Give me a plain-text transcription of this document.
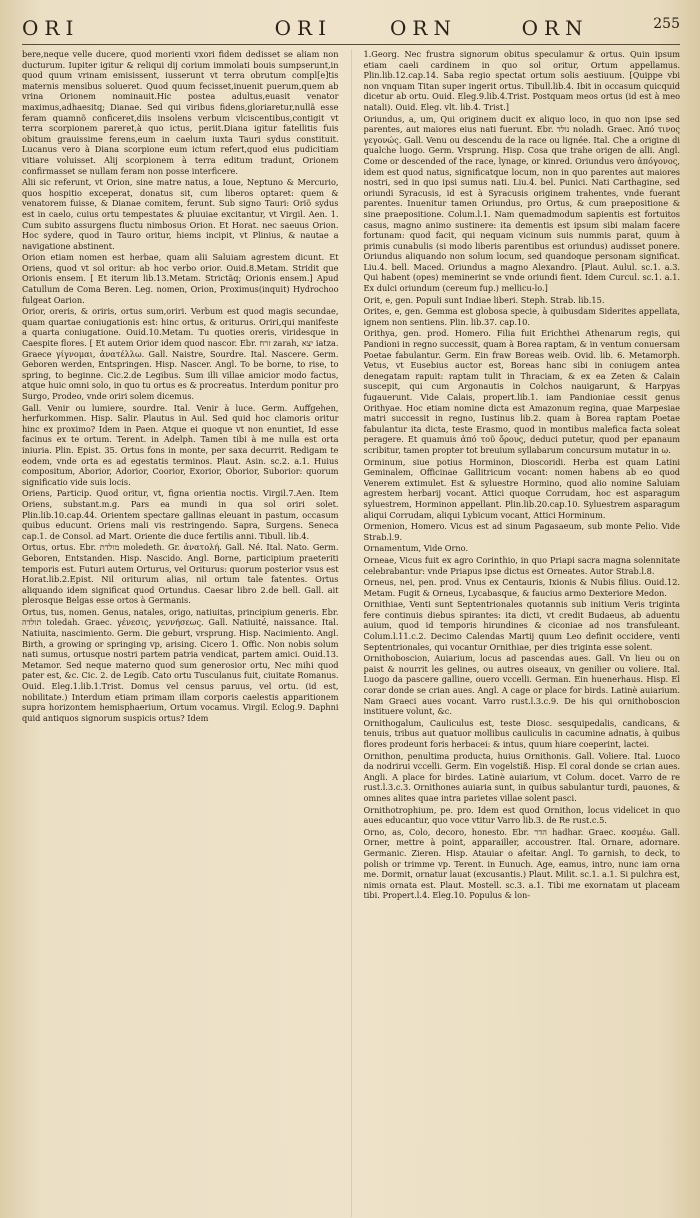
ORI	ORI	ORN	ORN	255

bere,neque velle ducere, quod morienti vxori fidem dedisset se aliam non ducturum. Iupiter igitur & reliqui dij corium immolati bouis sumpserunt,in quod quum vrinam emisissent, iusserunt vt terra obrutum compl[e]tis maternis mensibus solueret. Quod quum fecisset,inuenit puerum,quem ab vrina Orionem nominauit.Hic postea adultus,euasit venator maximus,adhaesitq; Dianae. Sed qui viribus fidens,gloriaretur,nullã esse feram quamnõ conficeret,diis insolens verbum vlciscentibus,contigit vt terra scorpionem pareret,à quo ictus, periit.Diana igitur fatellitis fuis obitum grauissime ferens,eum in caelum iuxta Tauri sydus constituit. Lucanus vero à Diana scorpione eum ictum refert,quod eius pudicitiam vitiare voluisset. Alij scorpionem à terra editum tradunt, Orionem confirmasset se nullam feram non posse interficere.

Alii sic referunt, vt Orion, sine matre natus, a Ioue, Neptuno & Mercurio, quos hospitio exceperat, donatus sit, cum liberos optaret: quem & venatorem fuisse, & Dianae comitem, ferunt. Sub signo Tauri: Oriõ sydus est in caelo, cuius ortu tempestates & pluuiae excitantur, vt Virgil. Aen. 1. Cum subito assurgens fluctu nimbosus Orion. Et Horat. nec saeuus Orion. Hoc sydere, quod in Tauro oritur, hiems incipit, vt Plinius, & nautae a navigatione abstinent.

Orion etiam nomen est herbae, quam alii Saluiam agrestem dicunt. Et Oriens, quod vt sol oritur: ab hoc verbo orior. Ouid.8.Metam. Stridit que Orionis ensem. [ Et iterum lib.13.Metam. Strictãq; Orionis ensem.] Apud Catullum de Coma Beren. Leg. nomen, Orion, Proximus(inquit) Hydrochoo fulgeat Oarion.

Orior, oreris, & oriris, ortus sum,oriri. Verbum est quod magis secundae, quam quartae coniugationis est: hinc ortus, & oriturus. Oriri,qui manifeste a quarta coniugatione. Ouid.10.Metam. Tu quoties oreris, viridesque in Caespite flores. [ Et autem Orior idem quod nascor. Ebr. זרח zarah, יצא iatza. Graece γίγνομαι, ἀνατέλλω. Gall. Naistre, Sourdre. Ital. Nascere. Germ. Geboren werden, Entspringen. Hisp. Nascer. Angl. To be borne, to rise, to spring, to beginne. Cic.2.de Legibus. Sum illi villae amicior modo factus, atque huic omni solo, in quo tu ortus es & procreatus. Interdum ponitur pro Surgo, Prodeo, vnde oriri solem dicemus.

Gall. Venir ou lumiere, sourdre. Ital. Venir à luce. Germ. Auffgehen, herfurkommen. Hisp. Salir. Plautus in Aul. Sed quid hoc clamoris oritur hinc ex proximo? Idem in Paen. Atque ei quoque vt non enuntiet, Id esse facinus ex te ortum. Terent. in Adelph. Tamen tibi à me nulla est orta iniuria. Plin. Epist. 35. Ortus fons in monte, per saxa decurrit. Redigam te eodem, vnde orta es ad egestatis terminos. Plaut. Asin. sc.2. a.1. Huius compositum, Aborior, Adorior, Coorior, Exorior, Oborior, Suborior: quorum significatio vide suis locis.

Oriens, Particip. Quod oritur, vt, figna orientia noctis. Virgil.7.Aen. Item Oriens, substant.m.g. Pars ea mundi in qua sol oriri solet. Plin.lib.10.cap.44. Orientem spectare gallinas eleuant in pastum, occasum quibus educunt. Oriens mali vis restringendo. Sapra, Surgens. Seneca cap.1. de Consol. ad Mart. Oriente die duce fertilis anni. Tibull. lib.4.

Ortus, ortus. Ebr. מולדת moledeth. Gr. ἀνατολή. Gall. Né. Ital. Nato. Germ. Geboren, Entstanden. Hisp. Nascido. Angl. Borne, participium praeteriti temporis est. Futuri autem Orturus, vel Oriturus: quorum posterior vsus est Horat.lib.2.Epist. Nil oriturum alias, nil ortum tale fatentes. Ortus aliquando idem significat quod Ortundus. Caesar libro 2.de bell. Gall. ait plerosque Belgas esse ortos à Germanis.

Ortus, tus, nomen. Genus, natales, origo, natiuitas, principium generis. Ebr. תולדה toledah. Graec. γένεσις, γεννήσεως. Gall. Natiuité, naissance. Ital. Natiuita, nascimiento. Germ. Die geburt, vrsprung. Hisp. Nacimiento. Angl. Birth, a growing or springing vp, arising. Cicero 1. Offic. Non nobis solum nati sumus, ortusque nostri partem patria vendicat, partem amici. Ouid.13. Metamor. Sed neque materno quod sum generosior ortu, Nec mihi quod pater est, &c. Cic. 2. de Legib. Cato ortu Tusculanus fuit, ciuitate Romanus. Ouid. Eleg.1.lib.1.Trist. Domus vel census paruus, vel ortu. (id est, nobilitate.) Interdum etiam primam illam corporis caelestis apparitionem supra horizontem hemisphaerium, Ortum vocamus. Virgil. Eclog.9. Daphni quid antiquos signorum suspicis ortus? Idem

1.Georg. Nec frustra signorum obitus speculamur & ortus. Quin ipsum etiam caeli cardinem in quo sol oritur, Ortum appellamus. Plin.lib.12.cap.14. Saba regio spectat ortum solis aestiuum. [Quippe vbi non vnquam Titan super ingerit ortus. Tibull.lib.4. Ibit in occasum quicquid dicetur ab ortu. Ouid. Eleg.9.lib.4.Trist. Postquam meos ortus (id est à meo natali). Ouid. Eleg. vlt. lib.4. Trist.]

Oriundus, a, um, Qui originem ducit ex aliquo loco, in quo non ipse sed parentes, aut maiores eius nati fuerunt. Ebr. נולד noladh. Graec. Ἀπό τινος γεγονώς. Gall. Venu ou descendu de la race ou lignée. Ital. Che a origine di qualche luogo. Germ. Vrsprung. Hisp. Cosa que trahe origen de alli. Angl. Come or descended of the race, lynage, or kinred. Oriundus vero ἀπόγονος, idem est quod natus, significatque locum, non in quo parentes aut maiores nostri, sed in quo ipsi sumus nati. Liu.4. bel. Punici. Nati Carthagine, sed oriundi Syracusis, id est à Syracusis originem trahentes, vnde fuerant parentes. Inuenitur tamen Oriundus, pro Ortus, & cum praepositione & sine praepositione. Colum.l.1. Nam quemadmodum sapientis est fortuitos casus, magno animo sustinere: ita dementis est ipsum sibi malam facere fortunam: quod facit, qui nequam vicinum suis nummis parat, quum à primis cunabulis (si modo liberis parentibus est oriundus) audisset ponere. Oriundus aliquando non solum locum, sed quandoque personam significat. Liu.4. bell. Maced. Oriundus a magno Alexandro. [Plaut. Aulul. sc.1. a.3. Qui habent (opes) meminerint se vnde oriundi fient. Idem Curcul. sc.1. a.1. Ex dulci oriundum (cereum fup.) mellicu-lo.]

Orit, e, gen. Populi sunt Indiae liberi. Steph. Strab. lib.15.

Orites, e, gen. Gemma est globosa specie, à quibusdam Siderites appellata, ignem non sentiens. Plin. lib.37. cap.10.

Orithya, gen. prod. Homero. Filia fuit Erichthei Athenarum regis, qui Pandioni in regno successit, quam à Borea raptam, & in ventum conuersam Poetae fabulantur. Germ. Ein fraw Boreas weib. Ovid. lib. 6. Metamorph. Vetus, vt Eusebius auctor est, Boreas hanc sibi in coniugem antea denegatam rapuit: raptam tulit in Thraciam, & ex ea Zeten & Calain suscepit, qui cum Argonautis in Colchos nauigarunt, & Harpyas fugauerunt. Vide Calais, propert.lib.1. iam Pandioniae cessit genus Orithyae. Hoc etiam nomine dicta est Amazonum regina, quae Marpesiae matri successit in regno, Iustinus lib.2. quam à Borea raptam Poetae fabulantur ita dicta, teste Erasmo, quod in montibus malefica facta soleat peragere. Et quamuis ἀπό τοῦ ὄρους, deduci putetur, quod per epanaum scribitur, tamen propter tot breuium syllabarum concursum mutatur in ω.

Orminum, siue potius Horminon, Dioscoridi. Herba est quam Latini Geminalem, Officinae Gallitricum vocant: nomen habens ab eo quod Venerem extimulet. Est & syluestre Hormino, quod alio nomine Saluiam agrestem herbarij vocant. Attici quoque Corrudam, hoc est asparagum syluestrem, Horminon appellant. Plin.lib.20.cap.10. Syluestrem asparagum aliqui Corrudam, aliqui Lybicum vocant, Attici Horminum.

Ormenion, Homero. Vicus est ad sinum Pagasaeum, sub monte Pelio. Vide Strab.l.9.

Ornamentum, Vide Orno.

Orneae, Vicus fuit ex agro Corinthio, in quo Priapi sacra magna solennitate celebrabantur: vnde Priapus ipse dictus est Orneates. Autor Strab.l.8.

Orneus, nei, pen. prod. Vnus ex Centauris, Ixionis & Nubis filius. Ouid.12. Metam. Fugit & Orneus, Lycabasque, & faucius armo Dexteriore Medon.

Ornithiae, Venti sunt Septentrionales quotannis sub initium Veris triginta fere continuis diebus spirantes: ita dicti, vt credit Budaeus, ab aduentu auium, quod id temporis hirundines & ciconiae ad nos transfuleant. Colum.l.11.c.2. Decimo Calendas Martij quum Leo definit occidere, venti Septentrionales, qui vocantur Ornithiae, per dies triginta esse solent.

Ornithoboscion, Auiarium, locus ad pascendas aues. Gall. Vn lieu ou on paist & nourrit les gelines, ou autres oiseaux, vn genilier ou voliere. Ital. Luogo da pascere galline, ouero vccelli. German. Ein huenerhaus. Hisp. El corar donde se crian aues. Angl. A cage or place for birds. Latinè auiarium. Nam Graeci aues vocant. Varro rust.l.3.c.9. De his qui ornithoboscion instituere volunt, &c.

Ornithogalum, Cauliculus est, teste Diosc. sesquipedalis, candicans, & tenuis, tribus aut quatuor mollibus cauliculis in cacumine adnatis, à quibus flores prodeunt foris herbacei: & intus, quum hiare coeperint, lactei.

Ornithon, penultima producta, huius Ornithonis. Gall. Voliere. Ital. Luoco da nodrirui vccelli. Germ. Ein vogelstiß. Hisp. El coral donde se crian aues. Angli. A place for birdes. Latinè auiarium, vt Colum. docet. Varro de re rust.l.3.c.3. Ornithones auiaria sunt, in quibus sabulantur turdi, pauones, & omnes alites quae intra parietes villae solent pasci.

Ornithotrophium, pe. pro. Idem est quod Ornithon, locus videlicet in quo aues educantur, quo voce vtitur Varro lib.3. de Re rust.c.5.

Orno, as, Colo, decoro, honesto. Ebr. הדר hadhar. Graec. κοσμέω. Gall. Orner, mettre à point, apparailler, accoustrer. Ital. Ornare, adornare. Germanic. Zieren. Hisp. Atauiar o afeitar. Angl. To garnish, to deck, to polish or trimme vp. Terent. in Eunuch. Age, eamus, intro, nunc iam orna me. Dormit, ornatur lauat (excusantis.) Plaut. Milit. sc.1. a.1. Si pulchra est, nimis ornata est. Plaut. Mostell. sc.3. a.1. Tibi me exornatam ut placeam tibi. Propert.l.4. Eleg.10. Populus & lon-
